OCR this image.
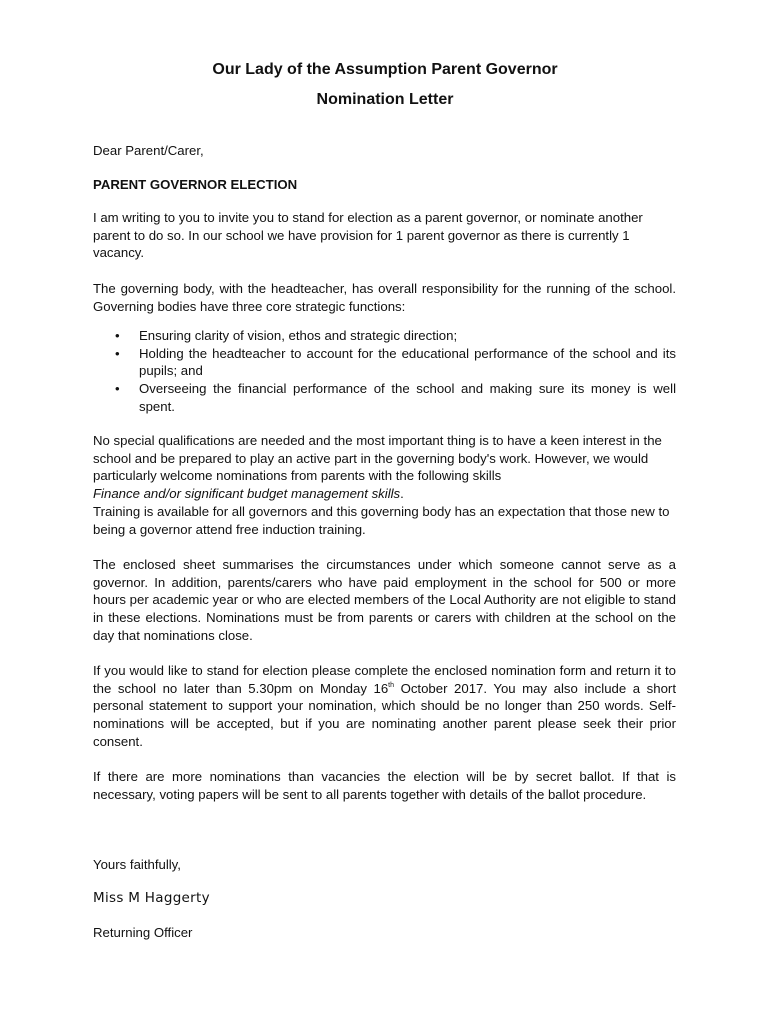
Our Lady of the Assumption Parent Governor
Nomination Letter

Dear Parent/Carer,

PARENT GOVERNOR ELECTION

I am writing to you to invite you to stand for election as a parent governor, or nominate another parent to do so. In our school we have provision for 1 parent governor as there is currently 1 vacancy.

The governing body, with the headteacher, has overall responsibility for the running of the school. Governing bodies have three core strategic functions:

• Ensuring clarity of vision, ethos and strategic direction;
• Holding the headteacher to account for the educational performance of the school and its pupils; and
• Overseeing the financial performance of the school and making sure its money is well spent.
No special qualifications are needed and the most important thing is to have a keen interest in the school and be prepared to play an active part in the governing body's work. However, we would particularly welcome nominations from parents with the following skills
Finance and/or significant budget management skills.
Training is available for all governors and this governing body has an expectation that those new to being a governor attend free induction training.

The enclosed sheet summarises the circumstances under which someone cannot serve as a governor. In addition, parents/carers who have paid employment in the school for 500 or more hours per academic year or who are elected members of the Local Authority are not eligible to stand in these elections. Nominations must be from parents or carers with children at the school on the day that nominations close.

If you would like to stand for election please complete the enclosed nomination form and return it to the school no later than 5.30pm on Monday 16th October 2017. You may also include a short personal statement to support your nomination, which should be no longer than 250 words. Self-nominations will be accepted, but if you are nominating another parent please seek their prior consent.

If there are more nominations than vacancies the election will be by secret ballot. If that is necessary, voting papers will be sent to all parents together with details of the ballot procedure.

Yours faithfully,

Miss M Haggerty

Returning Officer
